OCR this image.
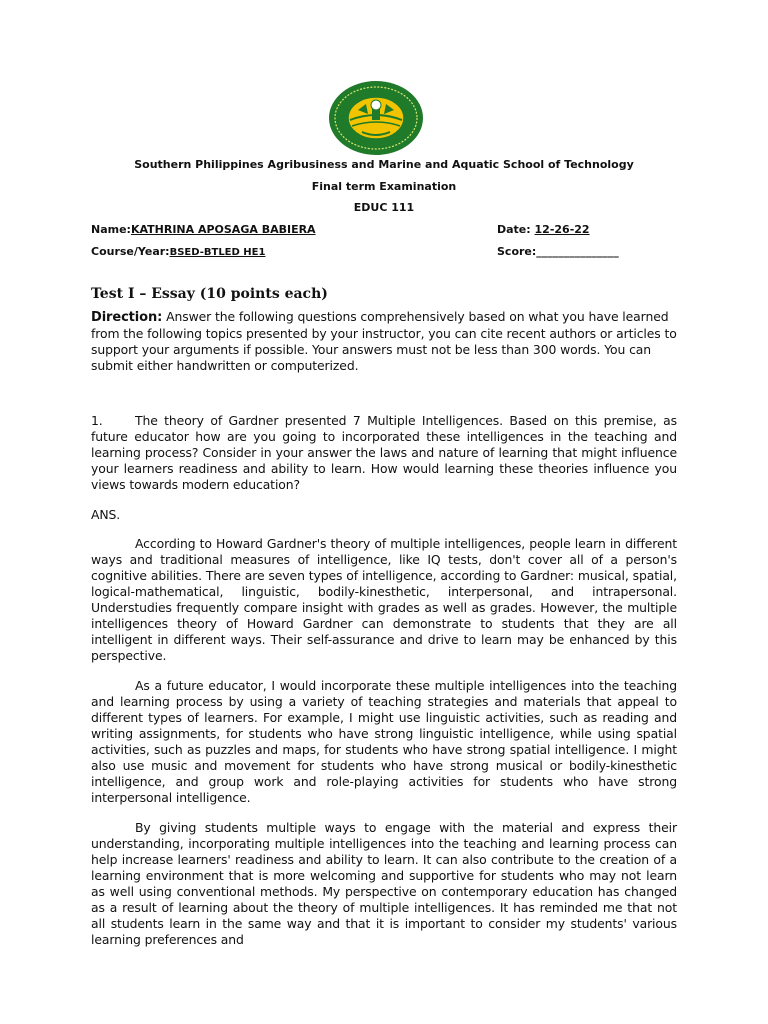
Southern Philippines Agribusiness and Marine and Aquatic School of Technology
Final term Examination
EDUC 111
Name:KATHRINA APOSAGA BABIERA	Date: 12-26-22
Course/Year:BSED-BTLED HE1	Score:_______________
Test I – Essay (10 points each)
Direction: Answer the following questions comprehensively based on what you have learned from the following topics presented by your instructor, you can cite recent authors or articles to support your arguments if possible. Your answers must not be less than 300 words. You can submit either handwritten or computerized.
1.	The theory of Gardner presented 7 Multiple Intelligences. Based on this premise, as future educator how are you going to incorporated these intelligences in the teaching and learning process? Consider in your answer the laws and nature of learning that might influence your learners readiness and ability to learn. How would learning these theories influence you views towards modern education?
ANS.
According to Howard Gardner's theory of multiple intelligences, people learn in different ways and traditional measures of intelligence, like IQ tests, don't cover all of a person's cognitive abilities. There are seven types of intelligence, according to Gardner: musical, spatial, logical-mathematical, linguistic, bodily-kinesthetic, interpersonal, and intrapersonal. Understudies frequently compare insight with grades as well as grades. However, the multiple intelligences theory of Howard Gardner can demonstrate to students that they are all intelligent in different ways. Their self-assurance and drive to learn may be enhanced by this perspective.
As a future educator, I would incorporate these multiple intelligences into the teaching and learning process by using a variety of teaching strategies and materials that appeal to different types of learners. For example, I might use linguistic activities, such as reading and writing assignments, for students who have strong linguistic intelligence, while using spatial activities, such as puzzles and maps, for students who have strong spatial intelligence. I might also use music and movement for students who have strong musical or bodily-kinesthetic intelligence, and group work and role-playing activities for students who have strong interpersonal intelligence.
By giving students multiple ways to engage with the material and express their understanding, incorporating multiple intelligences into the teaching and learning process can help increase learners' readiness and ability to learn. It can also contribute to the creation of a learning environment that is more welcoming and supportive for students who may not learn as well using conventional methods. My perspective on contemporary education has changed as a result of learning about the theory of multiple intelligences. It has reminded me that not all students learn in the same way and that it is important to consider my students' various learning preferences and
